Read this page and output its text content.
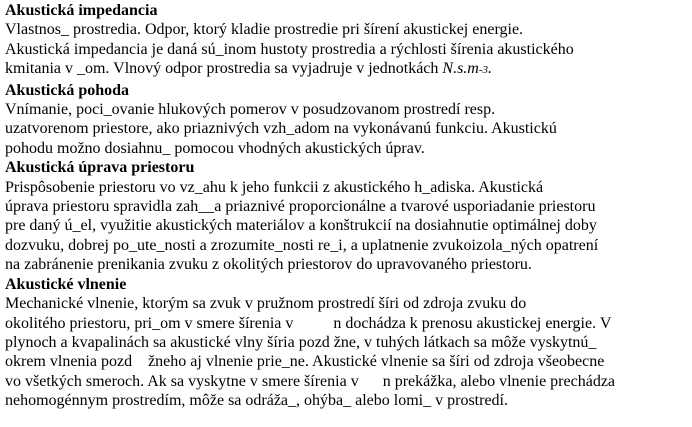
Akustická impedancia
Vlastnos_ prostredia. Odpor, ktorý kladie prostredie pri šírení akustickej energie.
Akustická impedancia je daná sú_inom hustoty prostredia a rýchlosti šírenia akustického
kmitania v _om. Vlnový odpor prostredia sa vyjadruje v jednotkách N.s.m-3.
Akustická pohoda
Vnímanie, poci_ovanie hlukových pomerov v posudzovanom prostredí resp.
uzatvorenom priestore, ako priaznivých vzh_adom na vykonávanú funkciu. Akustickú
pohodu možno dosiahnu_ pomocou vhodných akustických úprav.
Akustická úprava priestoru
Prispôsobenie priestoru vo vz_ahu k jeho funkcii z akustického h_adiska. Akustická
úprava priestoru spravidla zah__a priaznivé proporcionálne a tvarové usporiadanie priestoru
pre daný ú_el, využitie akustických materiálov a konštrukcií na dosiahnutie optimálnej doby
dozvuku, dobrej po_ute_nosti a zrozumite_nosti re_i, a uplatnenie zvukoizola_ných opatrení
na zabránenie prenikania zvuku z okolitých priestorov do upravovaného priestoru.
Akustické vlnenie
Mechanické vlnenie, ktorým sa zvuk v pružnom prostredí šíri od zdroja zvuku do
okolitého priestoru, pri_om v smere šírenia v          n dochádza k prenosu akustickej energie. V
plynoch a kvapalinách sa akustické vlny šíria pozd žne, v tuhých látkach sa môže vyskytnú_
okrem vlnenia pozd    žneho aj vlnenie prie_ne. Akustické vlnenie sa šíri od zdroja všeobecne
vo všetkých smeroch. Ak sa vyskytne v smere šírenia v      n prekážka, alebo vlnenie prechádza
nehomogénnym prostredím, môže sa odráža_, ohýba_ alebo lomi_ v prostredí.
